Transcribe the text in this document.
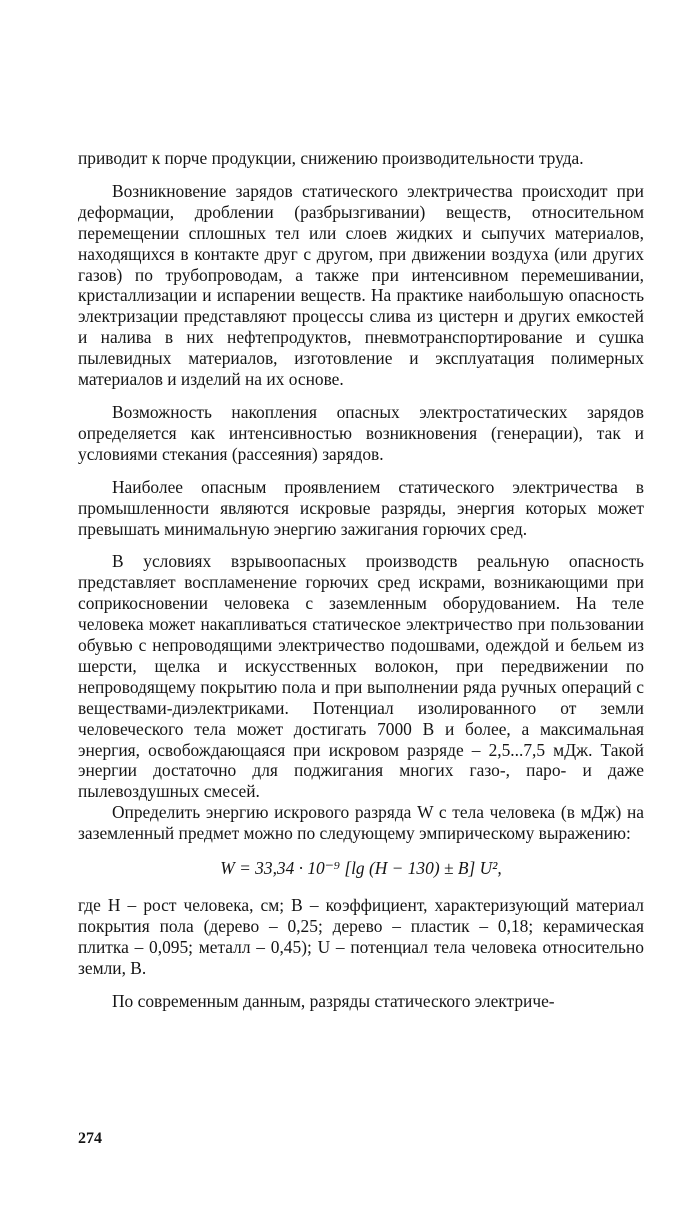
приводит к порче продукции, снижению производительности труда.

Возникновение зарядов статического электричества происходит при деформации, дроблении (разбрызгивании) веществ, относительном перемещении сплошных тел или слоев жидких и сыпучих материалов, находящихся в контакте друг с другом, при движении воздуха (или других газов) по трубопроводам, а также при интенсивном перемешивании, кристаллизации и испарении веществ. На практике наибольшую опасность электризации представляют процессы слива из цистерн и других емкостей и налива в них нефтепродуктов, пневмотранспортирование и сушка пылевидных материалов, изготовление и эксплуатация полимерных материалов и изделий на их основе.

Возможность накопления опасных электростатических зарядов определяется как интенсивностью возникновения (генерации), так и условиями стекания (рассеяния) зарядов.

Наиболее опасным проявлением статического электричества в промышленности являются искровые разряды, энергия которых может превышать минимальную энергию зажигания горючих сред.

В условиях взрывоопасных производств реальную опасность представляет воспламенение горючих сред искрами, возникающими при соприкосновении человека с заземленным оборудованием. На теле человека может накапливаться статическое электричество при пользовании обувью с непроводящими электричество подошвами, одеждой и бельем из шерсти, щелка и искусственных волокон, при передвижении по непроводящему покрытию пола и при выполнении ряда ручных операций с веществами-диэлектриками. Потенциал изолированного от земли человеческого тела может достигать 7000 В и более, а максимальная энергия, освобождающаяся при искровом разряде – 2,5...7,5 мДж. Такой энергии достаточно для поджигания многих газо-, паро- и даже пылевоздушных смесей.

Определить энергию искрового разряда W с тела человека (в мДж) на заземленный предмет можно по следующему эмпирическому выражению:

W = 33,34 · 10⁻⁹ [lg (H − 130) ± B] U²,

где H – рост человека, см; B – коэффициент, характеризующий материал покрытия пола (дерево – 0,25; дерево – пластик – 0,18; керамическая плитка – 0,095; металл – 0,45); U – потенциал тела человека относительно земли, В.

По современным данным, разряды статического электриче-

274
